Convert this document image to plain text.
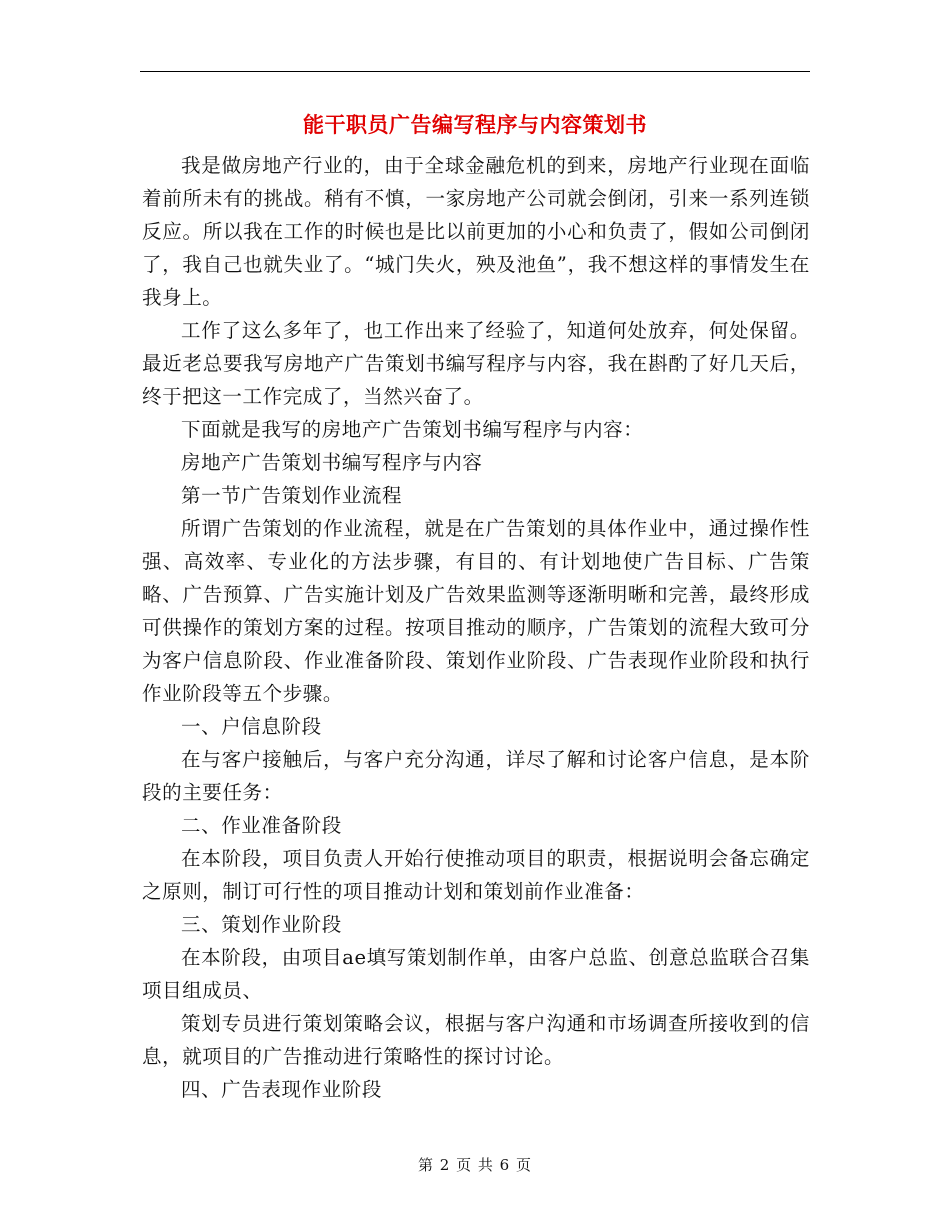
能干职员广告编写程序与内容策划书

我是做房地产行业的，由于全球金融危机的到来，房地产行业现在面临着前所未有的挑战。稍有不慎，一家房地产公司就会倒闭，引来一系列连锁反应。所以我在工作的时候也是比以前更加的小心和负责了，假如公司倒闭了，我自己也就失业了。“城门失火，殃及池鱼”，我不想这样的事情发生在我身上。

工作了这么多年了，也工作出来了经验了，知道何处放弃，何处保留。最近老总要我写房地产广告策划书编写程序与内容，我在斟酌了好几天后，终于把这一工作完成了，当然兴奋了。

下面就是我写的房地产广告策划书编写程序与内容：

房地产广告策划书编写程序与内容

第一节广告策划作业流程

所谓广告策划的作业流程，就是在广告策划的具体作业中，通过操作性强、高效率、专业化的方法步骤，有目的、有计划地使广告目标、广告策略、广告预算、广告实施计划及广告效果监测等逐渐明晰和完善，最终形成可供操作的策划方案的过程。按项目推动的顺序，广告策划的流程大致可分为客户信息阶段、作业准备阶段、策划作业阶段、广告表现作业阶段和执行作业阶段等五个步骤。

一、户信息阶段

在与客户接触后，与客户充分沟通，详尽了解和讨论客户信息，是本阶段的主要任务：

二、作业准备阶段

在本阶段，项目负责人开始行使推动项目的职责，根据说明会备忘确定之原则，制订可行性的项目推动计划和策划前作业准备：

三、策划作业阶段

在本阶段，由项目ae填写策划制作单，由客户总监、创意总监联合召集项目组成员、

策划专员进行策划策略会议，根据与客户沟通和市场调查所接收到的信息，就项目的广告推动进行策略性的探讨讨论。

四、广告表现作业阶段

第 2 页 共 6 页
